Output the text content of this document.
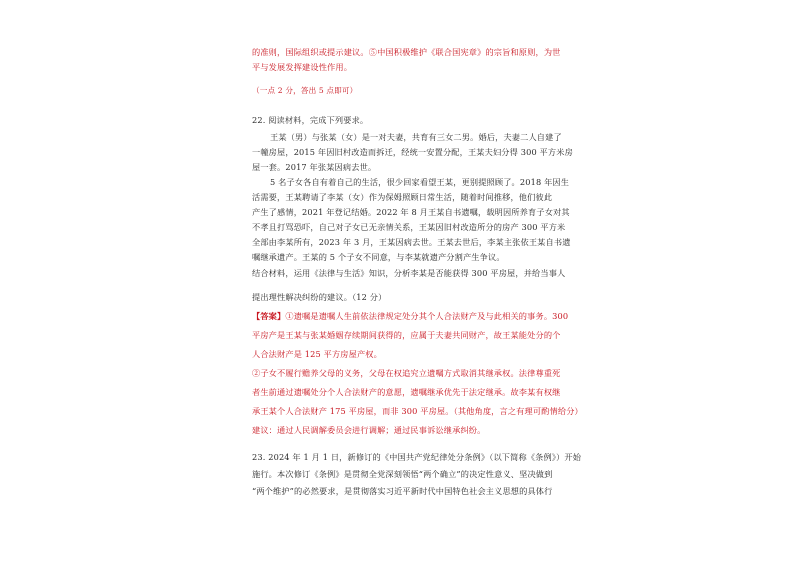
的准则，国际组织或提示建议。⑤中国积极维护《联合国宪章》的宗旨和原则，为世
平与发展发挥建设性作用。
（一点 2 分，答出 5 点即可）
22. 阅读材料，完成下列要求。
王某（男）与张某（女）是一对夫妻，共育有三女二男。婚后，夫妻二人自建了
一幢房屋，2015 年因旧村改造而拆迁，经统一安置分配，王某夫妇分得 300 平方米房
屋一套。2017 年张某因病去世。
5 名子女各自有着自己的生活，很少回家看望王某，更别提照顾了。2018 年因生
活需要，王某聘请了李某（女）作为保姆照顾日常生活，随着时间推移，他们彼此
产生了感情，2021 年登记结婚。2022 年 8 月王某自书遗嘱，载明因所养育子女对其
不孝且打骂恐吓，自己对子女已无亲情关系，王某因旧村改造所分的房产 300 平方米
全部由李某所有，2023 年 3 月，王某因病去世。王某去世后，李某主张依王某自书遗
嘱继承遗产。王某的 5 个子女不同意，与李某就遗产分割产生争议。
结合材料，运用《法律与生活》知识，分析李某是否能获得 300 平房屋，并给当事人
提出理性解决纠纷的建议。（12 分）
【答案】①遗嘱是遗嘱人生前依法律规定处分其个人合法财产及与此相关的事务。300
平房产是王某与张某婚姻存续期间获得的，应属于夫妻共同财产，故王某能处分的个
人合法财产是 125 平方房屋产权。
②子女不履行赡养父母的义务，父母在权追究立遗嘱方式取消其继承权。法律尊重死
者生前通过遗嘱处分个人合法财产的意愿，遗嘱继承优先于法定继承。故李某有权继
承王某个人合法财产 175 平房屋，而非 300 平房屋。（其他角度，言之有理可酌情给分）
建议：通过人民调解委员会进行调解；通过民事诉讼继承纠纷。
23. 2024 年 1 月 1 日，新修订的《中国共产党纪律处分条例》（以下简称《条例》）开始
施行。本次修订《条例》是贯彻全党深刻领悟“两个确立”的决定性意义、坚决做到
“两个维护”的必然要求，是贯彻落实习近平新时代中国特色社会主义思想的具体行
